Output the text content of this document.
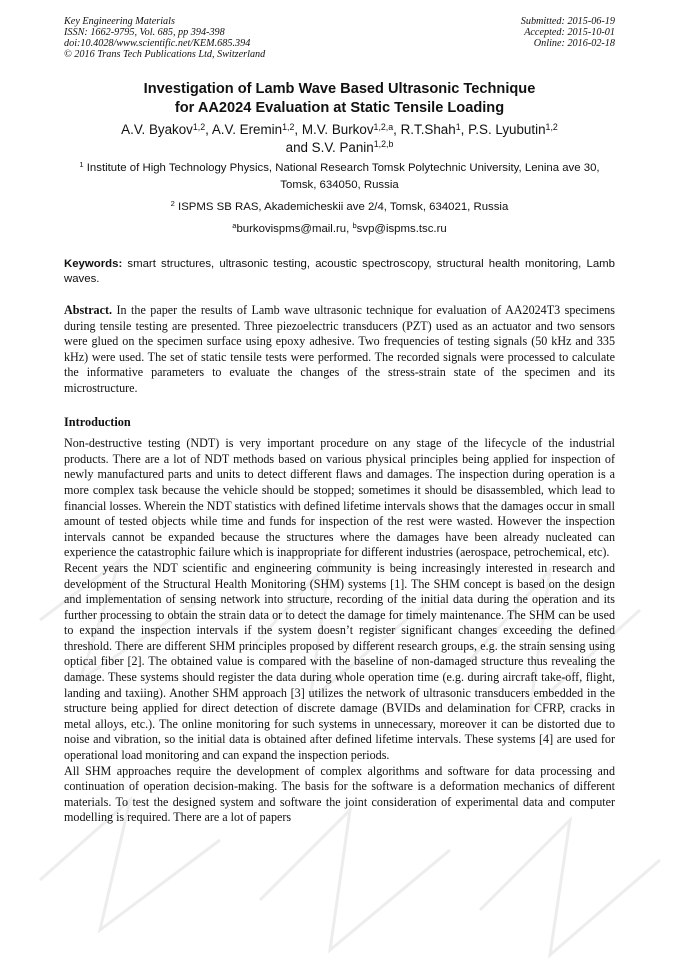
Key Engineering Materials
ISSN: 1662-9795, Vol. 685, pp 394-398
doi:10.4028/www.scientific.net/KEM.685.394
© 2016 Trans Tech Publications Ltd, Switzerland
Submitted: 2015-06-19
Accepted: 2015-10-01
Online: 2016-02-18
Investigation of Lamb Wave Based Ultrasonic Technique
for AA2024 Evaluation at Static Tensile Loading
A.V. Byakov$^{1,2}$, A.V. Eremin$^{1,2}$, M.V. Burkov$^{1,2,a}$, R.T.Shah$^1$, P.S. Lyubutin$^{1,2}$
and S.V. Panin$^{1,2,b}$
$^1$ Institute of High Technology Physics, National Research Tomsk Polytechnic University, Lenina ave 30, Tomsk, 634050, Russia
$^2$ ISPMS SB RAS, Akademicheskii ave 2/4, Tomsk, 634021, Russia
$^a$burkovispms@mail.ru, $^b$svp@ispms.tsc.ru
Keywords: smart structures, ultrasonic testing, acoustic spectroscopy, structural health monitoring, Lamb waves.
Abstract. In the paper the results of Lamb wave ultrasonic technique for evaluation of AA2024T3 specimens during tensile testing are presented. Three piezoelectric transducers (PZT) used as an actuator and two sensors were glued on the specimen surface using epoxy adhesive. Two frequencies of testing signals (50 kHz and 335 kHz) were used. The set of static tensile tests were performed. The recorded signals were processed to calculate the informative parameters to evaluate the changes of the stress-strain state of the specimen and its microstructure.
Introduction

Non-destructive testing (NDT) is very important procedure on any stage of the lifecycle of the industrial products. There are a lot of NDT methods based on various physical principles being applied for inspection of newly manufactured parts and units to detect different flaws and damages. The inspection during operation is a more complex task because the vehicle should be stopped; sometimes it should be disassembled, which lead to financial losses. Wherein the NDT statistics with defined lifetime intervals shows that the damages occur in small amount of tested objects while time and funds for inspection of the rest were wasted. However the inspection intervals cannot be expanded because the structures where the damages have been already nucleated can experience the catastrophic failure which is inappropriate for different industries (aerospace, petrochemical, etc).

Recent years the NDT scientific and engineering community is being increasingly interested in research and development of the Structural Health Monitoring (SHM) systems [1]. The SHM concept is based on the design and implementation of sensing network into structure, recording of the initial data during the operation and its further processing to obtain the strain data or to detect the damage for timely maintenance. The SHM can be used to expand the inspection intervals if the system doesn’t register significant changes exceeding the defined threshold. There are different SHM principles proposed by different research groups, e.g. the strain sensing using optical fiber [2]. The obtained value is compared with the baseline of non-damaged structure thus revealing the damage. These systems should register the data during whole operation time (e.g. during aircraft take-off, flight, landing and taxiing). Another SHM approach [3] utilizes the network of ultrasonic transducers embedded in the structure being applied for direct detection of discrete damage (BVIDs and delamination for CFRP, cracks in metal alloys, etc.). The online monitoring for such systems in unnecessary, moreover it can be distorted due to noise and vibration, so the initial data is obtained after defined lifetime intervals. These systems [4] are used for operational load monitoring and can expand the inspection periods.

All SHM approaches require the development of complex algorithms and software for data processing and continuation of operation decision-making. The basis for the software is a deformation mechanics of different materials. To test the designed system and software the joint consideration of experimental data and computer modelling is required. There are a lot of papers
